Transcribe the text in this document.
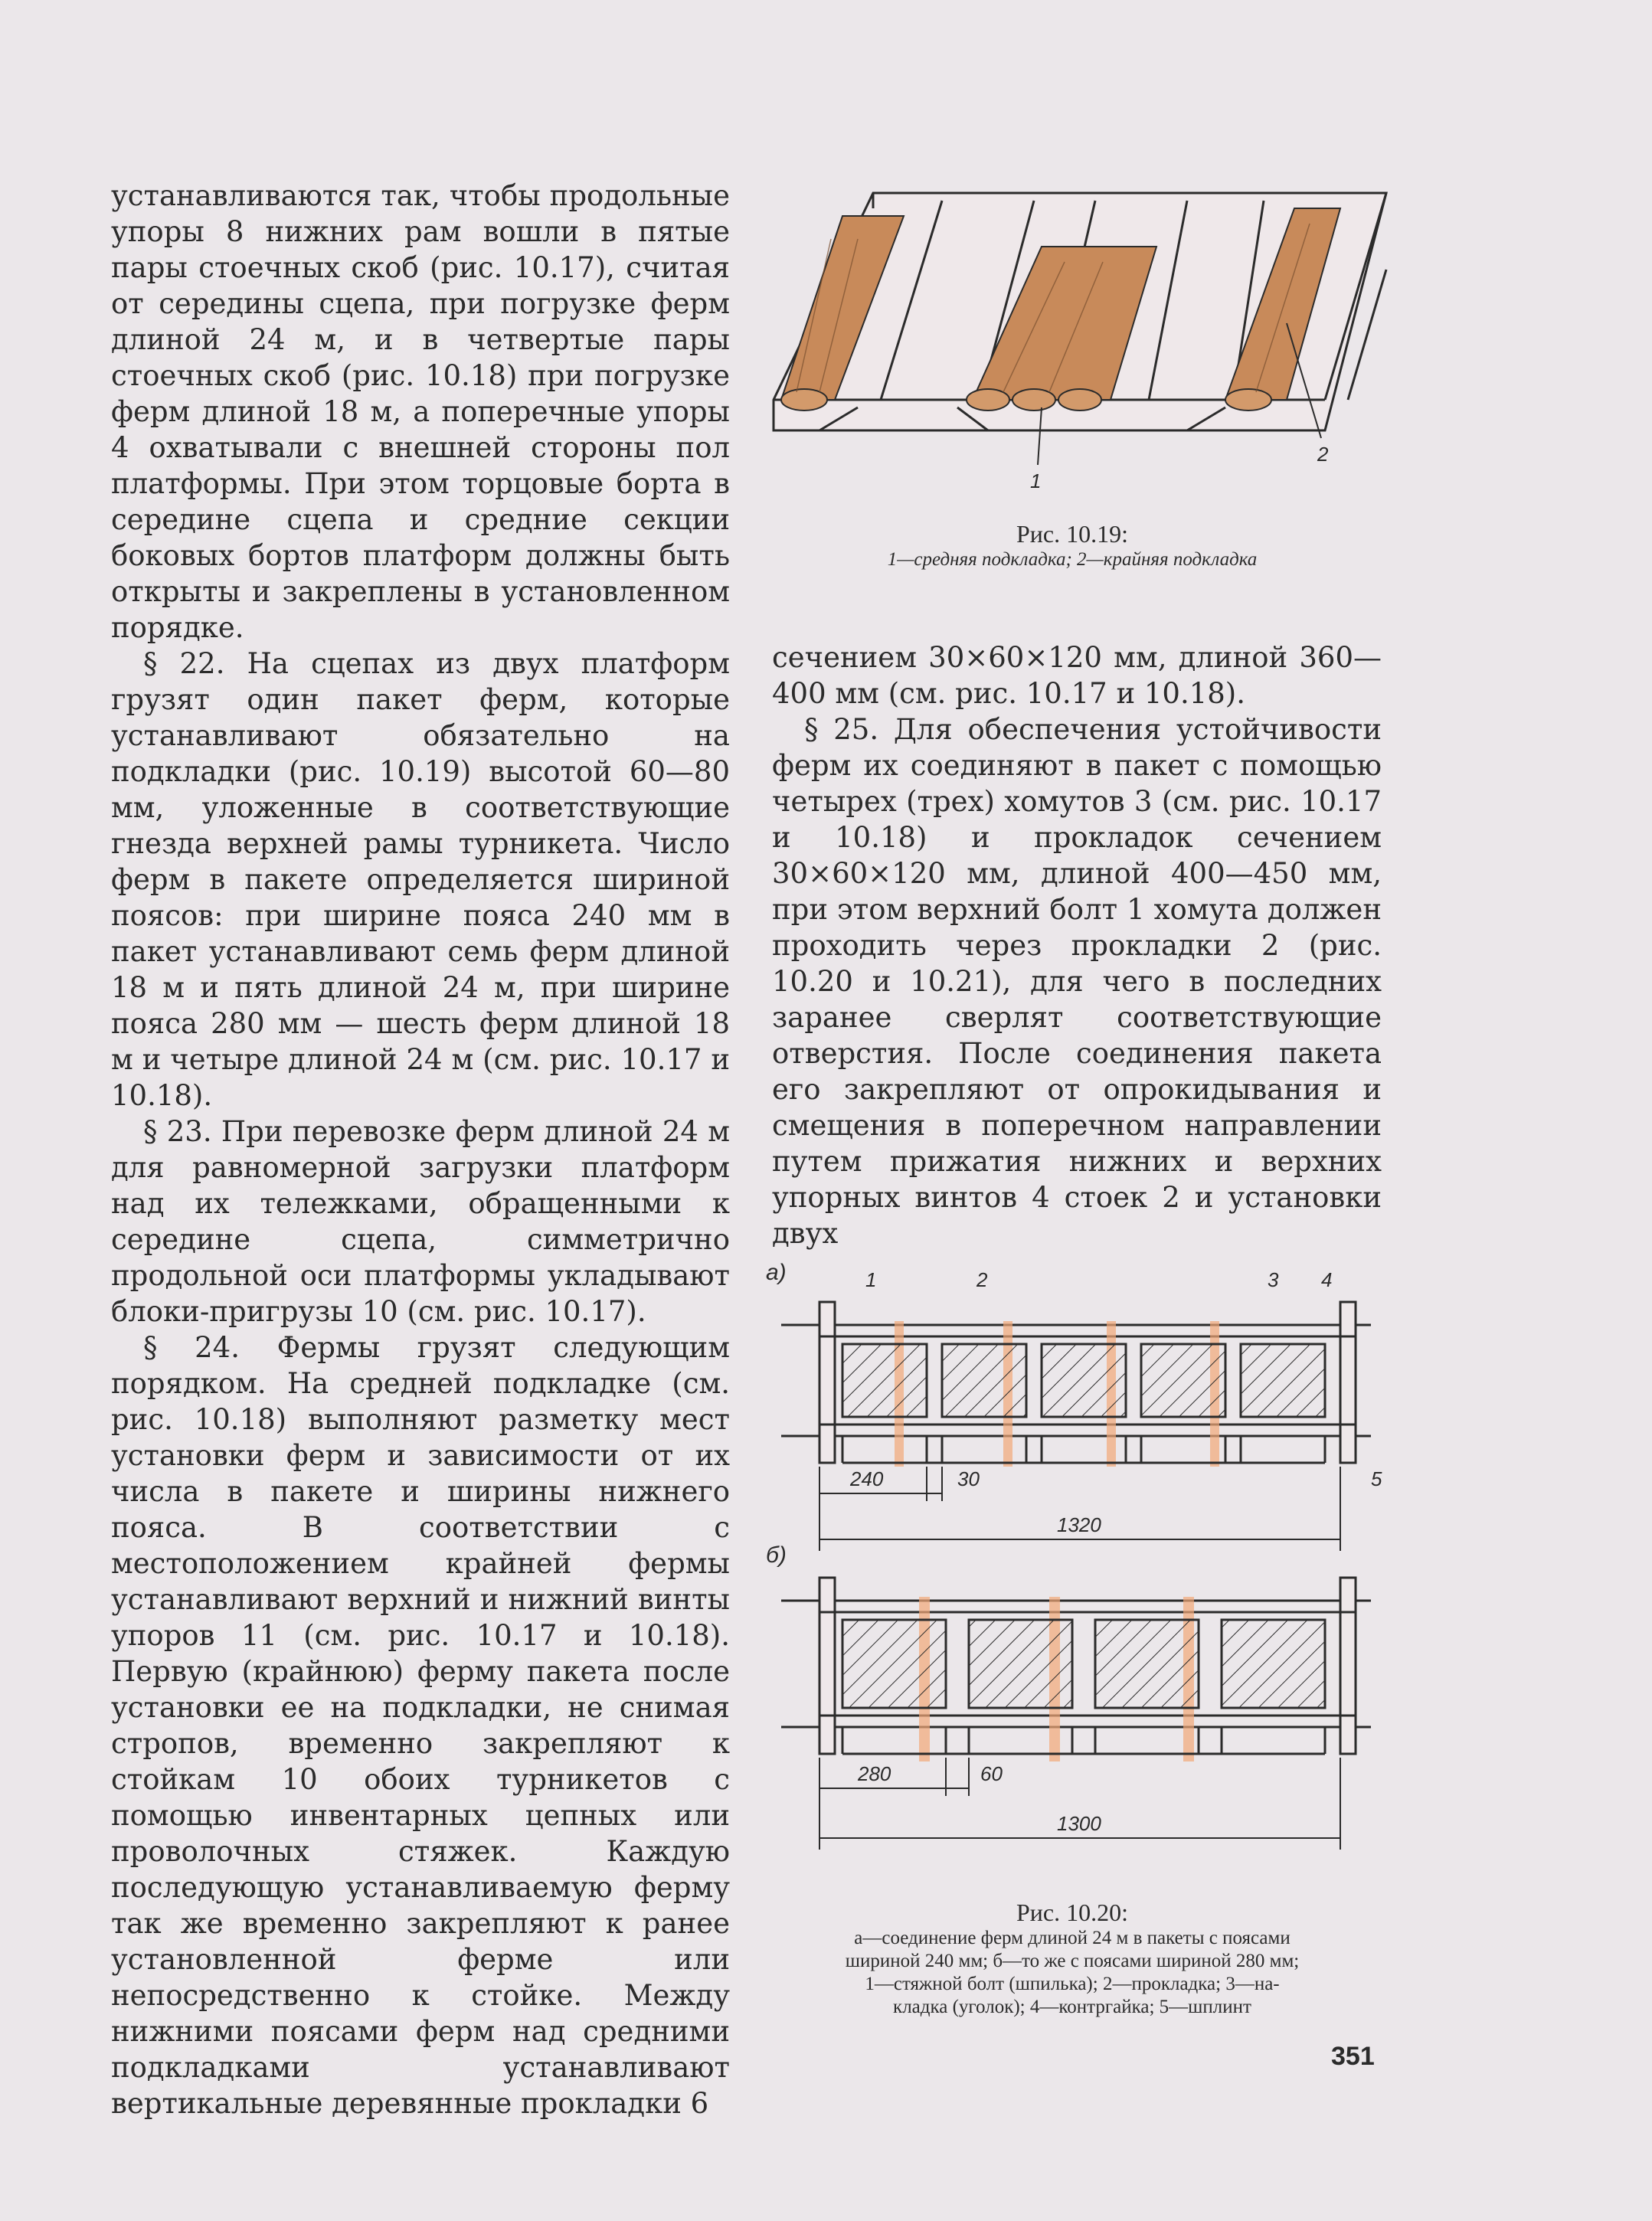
устанавливаются так, чтобы продольные упоры 8 нижних рам вошли в пятые пары стоечных скоб (рис. 10.17), считая от середины сцепа, при погрузке ферм длиной 24 м, и в четвертые пары стоечных скоб (рис. 10.18) при погрузке ферм длиной 18 м, а поперечные упоры 4 охватывали с внешней стороны пол платформы. При этом торцовые борта в середине сцепа и средние секции боковых бортов платформ должны быть открыты и закреплены в установленном порядке.

§ 22. На сцепах из двух платформ грузят один пакет ферм, которые устанавливают обязательно на подкладки (рис. 10.19) высотой 60—80 мм, уложенные в соответствующие гнезда верхней рамы турникета. Число ферм в пакете определяется шириной поясов: при ширине пояса 240 мм в пакет устанавливают семь ферм длиной 18 м и пять длиной 24 м, при ширине пояса 280 мм — шесть ферм длиной 18 м и четыре длиной 24 м (см. рис. 10.17 и 10.18).

§ 23. При перевозке ферм длиной 24 м для равномерной загрузки платформ над их тележками, обращенными к середине сцепа, симметрично продольной оси платформы укладывают блоки-пригрузы 10 (см. рис. 10.17).

§ 24. Фермы грузят следующим порядком. На средней подкладке (см. рис. 10.18) выполняют разметку мест установки ферм и зависимости от их числа в пакете и ширины нижнего пояса. В соответствии с местоположением крайней фермы устанавливают верхний и нижний винты упоров 11 (см. рис. 10.17 и 10.18). Первую (крайнюю) ферму пакета после установки ее на подкладки, не снимая стропов, временно закрепляют к стойкам 10 обоих турникетов с помощью инвентарных цепных или проволочных стяжек. Каждую последующую устанавливаемую ферму так же временно закрепляют к ранее установленной ферме или непосредственно к стойке. Между нижними поясами ферм над средними подкладками устанавливают вертикальные деревянные прокладки 6

1
2
Рис. 10.19:
1—средняя подкладка; 2—крайняя подкладка

сечением 30×60×120 мм, длиной 360—400 мм (см. рис. 10.17 и 10.18).

§ 25. Для обеспечения устойчивости ферм их соединяют в пакет с помощью четырех (трех) хомутов 3 (см. рис. 10.17 и 10.18) и прокладок сечением 30×60×120 мм, длиной 400—450 мм, при этом верхний болт 1 хомута должен проходить через прокладки 2 (рис. 10.20 и 10.21), для чего в последних заранее сверлят соответствующие отверстия. После соединения пакета его закрепляют от опрокидывания и смещения в поперечном направлении путем прижатия нижних и верхних упорных винтов 4 стоек 2 и установки двух

а)
240	30
1320
1	2	3 4
5
б)
280	60
1300
Рис. 10.20:
а—соединение ферм длиной 24 м в пакеты с поясами
шириной 240 мм; б—то же с поясами шириной 280 мм;
1—стяжной болт (шпилька); 2—прокладка; 3—на-
кладка (уголок); 4—контргайка; 5—шплинт
351
